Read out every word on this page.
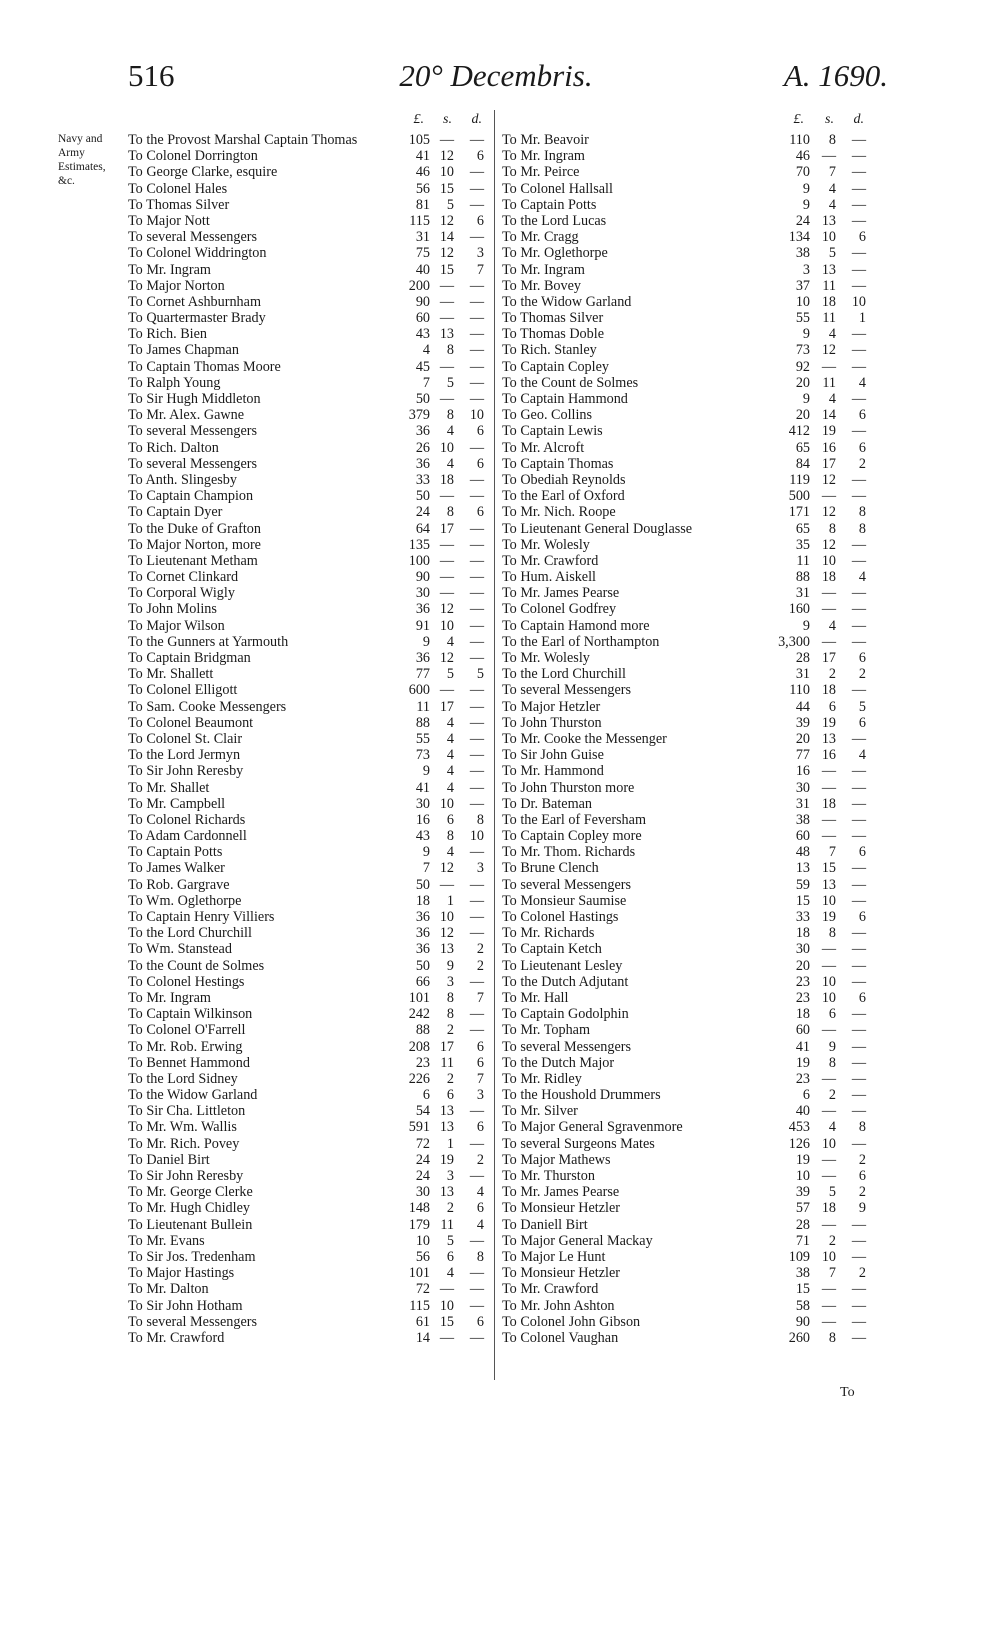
516	20° Decembris.	A. 1690.
Navy and Army Estimates, &c.
£. s. d.
To the Provost Marshal Captain Thomas	105 — —
To Colonel Dorrington	41 12 6
To George Clarke, esquire	46 10 —
To Colonel Hales	56 15 —
To Thomas Silver	81 5 —
To Major Nott	115 12 6
To several Messengers	31 14 —
To Colonel Widdrington	75 12 3
To Mr. Ingram	40 15 7
To Major Norton	200 — —
To Cornet Ashburnham	90 — —
To Quartermaster Brady	60 — —
To Rich. Bien	43 13 —
To James Chapman	4 8 —
To Captain Thomas Moore	45 — —
To Ralph Young	7 5 —
To Sir Hugh Middleton	50 — —
To Mr. Alex. Gawne	379 8 10
To several Messengers	36 4 6
To Rich. Dalton	26 10 —
To several Messengers	36 4 6
To Anth. Slingesby	33 18 —
To Captain Champion	50 — —
To Captain Dyer	24 8 6
To the Duke of Grafton	64 17 —
To Major Norton, more	135 — —
To Lieutenant Metham	100 — —
To Cornet Clinkard	90 — —
To Corporal Wigly	30 — —
To John Molins	36 12 —
To Major Wilson	91 10 —
To the Gunners at Yarmouth	9 4 —
To Captain Bridgman	36 12 —
To Mr. Shallett	77 5 5
To Colonel Elligott	600 — —
To Sam. Cooke Messengers	11 17 —
To Colonel Beaumont	88 4 —
To Colonel St. Clair	55 4 —
To the Lord Jermyn	73 4 —
To Sir John Reresby	9 4 —
To Mr. Shallet	41 4 —
To Mr. Campbell	30 10 —
To Colonel Richards	16 6 8
To Adam Cardonnell	43 8 10
To Captain Potts	9 4 —
To James Walker	7 12 3
To Rob. Gargrave	50 — —
To Wm. Oglethorpe	18 1 —
To Captain Henry Villiers	36 10 —
To the Lord Churchill	36 12 —
To Wm. Stanstead	36 13 2
To the Count de Solmes	50 9 2
To Colonel Hestings	66 3 —
To Mr. Ingram	101 8 7
To Captain Wilkinson	242 8 —
To Colonel O'Farrell	88 2 —
To Mr. Rob. Erwing	208 17 6
To Bennet Hammond	23 11 6
To the Lord Sidney	226 2 7
To the Widow Garland	6 6 3
To Sir Cha. Littleton	54 13 —
To Mr. Wm. Wallis	591 13 6
To Mr. Rich. Povey	72 1 —
To Daniel Birt	24 19 2
To Sir John Reresby	24 3 —
To Mr. George Clerke	30 13 4
To Mr. Hugh Chidley	148 2 6
To Lieutenant Bullein	179 11 4
To Mr. Evans	10 5 —
To Sir Jos. Tredenham	56 6 8
To Major Hastings	101 4 —
To Mr. Dalton	72 — —
To Sir John Hotham	115 10 —
To several Messengers	61 15 6
To Mr. Crawford	14 — —
£. s. d.
To Mr. Beavoir	110 8 —
To Mr. Ingram	46 — —
To Mr. Peirce	70 7 —
To Colonel Hallsall	9 4 —
To Captain Potts	9 4 —
To the Lord Lucas	24 13 —
To Mr. Cragg	134 10 6
To Mr. Oglethorpe	38 5 —
To Mr. Ingram	3 13 —
To Mr. Bovey	37 11 —
To the Widow Garland	10 18 10
To Thomas Silver	55 11 1
To Thomas Doble	9 4 —
To Rich. Stanley	73 12 —
To Captain Copley	92 — —
To the Count de Solmes	20 11 4
To Captain Hammond	9 4 —
To Geo. Collins	20 14 6
To Captain Lewis	412 19 —
To Mr. Alcroft	65 16 6
To Captain Thomas	84 17 2
To Obediah Reynolds	119 12 —
To the Earl of Oxford	500 — —
To Mr. Nich. Roope	171 12 8
To Lieutenant General Douglasse	65 8 8
To Mr. Wolesly	35 12 —
To Mr. Crawford	11 10 —
To Hum. Aiskell	88 18 4
To Mr. James Pearse	31 — —
To Colonel Godfrey	160 — —
To Captain Hamond more	9 4 —
To the Earl of Northampton	3,300 — —
To Mr. Wolesly	28 17 6
To the Lord Churchill	31 2 2
To several Messengers	110 18 —
To Major Hetzler	44 6 5
To John Thurston	39 19 6
To Mr. Cooke the Messenger	20 13 —
To Sir John Guise	77 16 4
To Mr. Hammond	16 — —
To John Thurston more	30 — —
To Dr. Bateman	31 18 —
To the Earl of Feversham	38 — —
To Captain Copley more	60 — —
To Mr. Thom. Richards	48 7 6
To Brune Clench	13 15 —
To several Messengers	59 13 —
To Monsieur Saumise	15 10 —
To Colonel Hastings	33 19 6
To Mr. Richards	18 8 —
To Captain Ketch	30 — —
To Lieutenant Lesley	20 — —
To the Dutch Adjutant	23 10 —
To Mr. Hall	23 10 6
To Captain Godolphin	18 6 —
To Mr. Topham	60 — —
To several Messengers	41 9 —
To the Dutch Major	19 8 —
To Mr. Ridley	23 — —
To the Houshold Drummers	6 2 —
To Mr. Silver	40 — —
To Major General Sgravenmore	453 4 8
To several Surgeons Mates	126 10 —
To Major Mathews	19 — 2
To Mr. Thurston	10 — 6
To Mr. James Pearse	39 5 2
To Monsieur Hetzler	57 18 9
To Daniell Birt	28 — —
To Major General Mackay	71 2 —
To Major Le Hunt	109 10 —
To Monsieur Hetzler	38 7 2
To Mr. Crawford	15 — —
To Mr. John Ashton	58 — —
To Colonel John Gibson	90 — —
To Colonel Vaughan	260 8 —
To
